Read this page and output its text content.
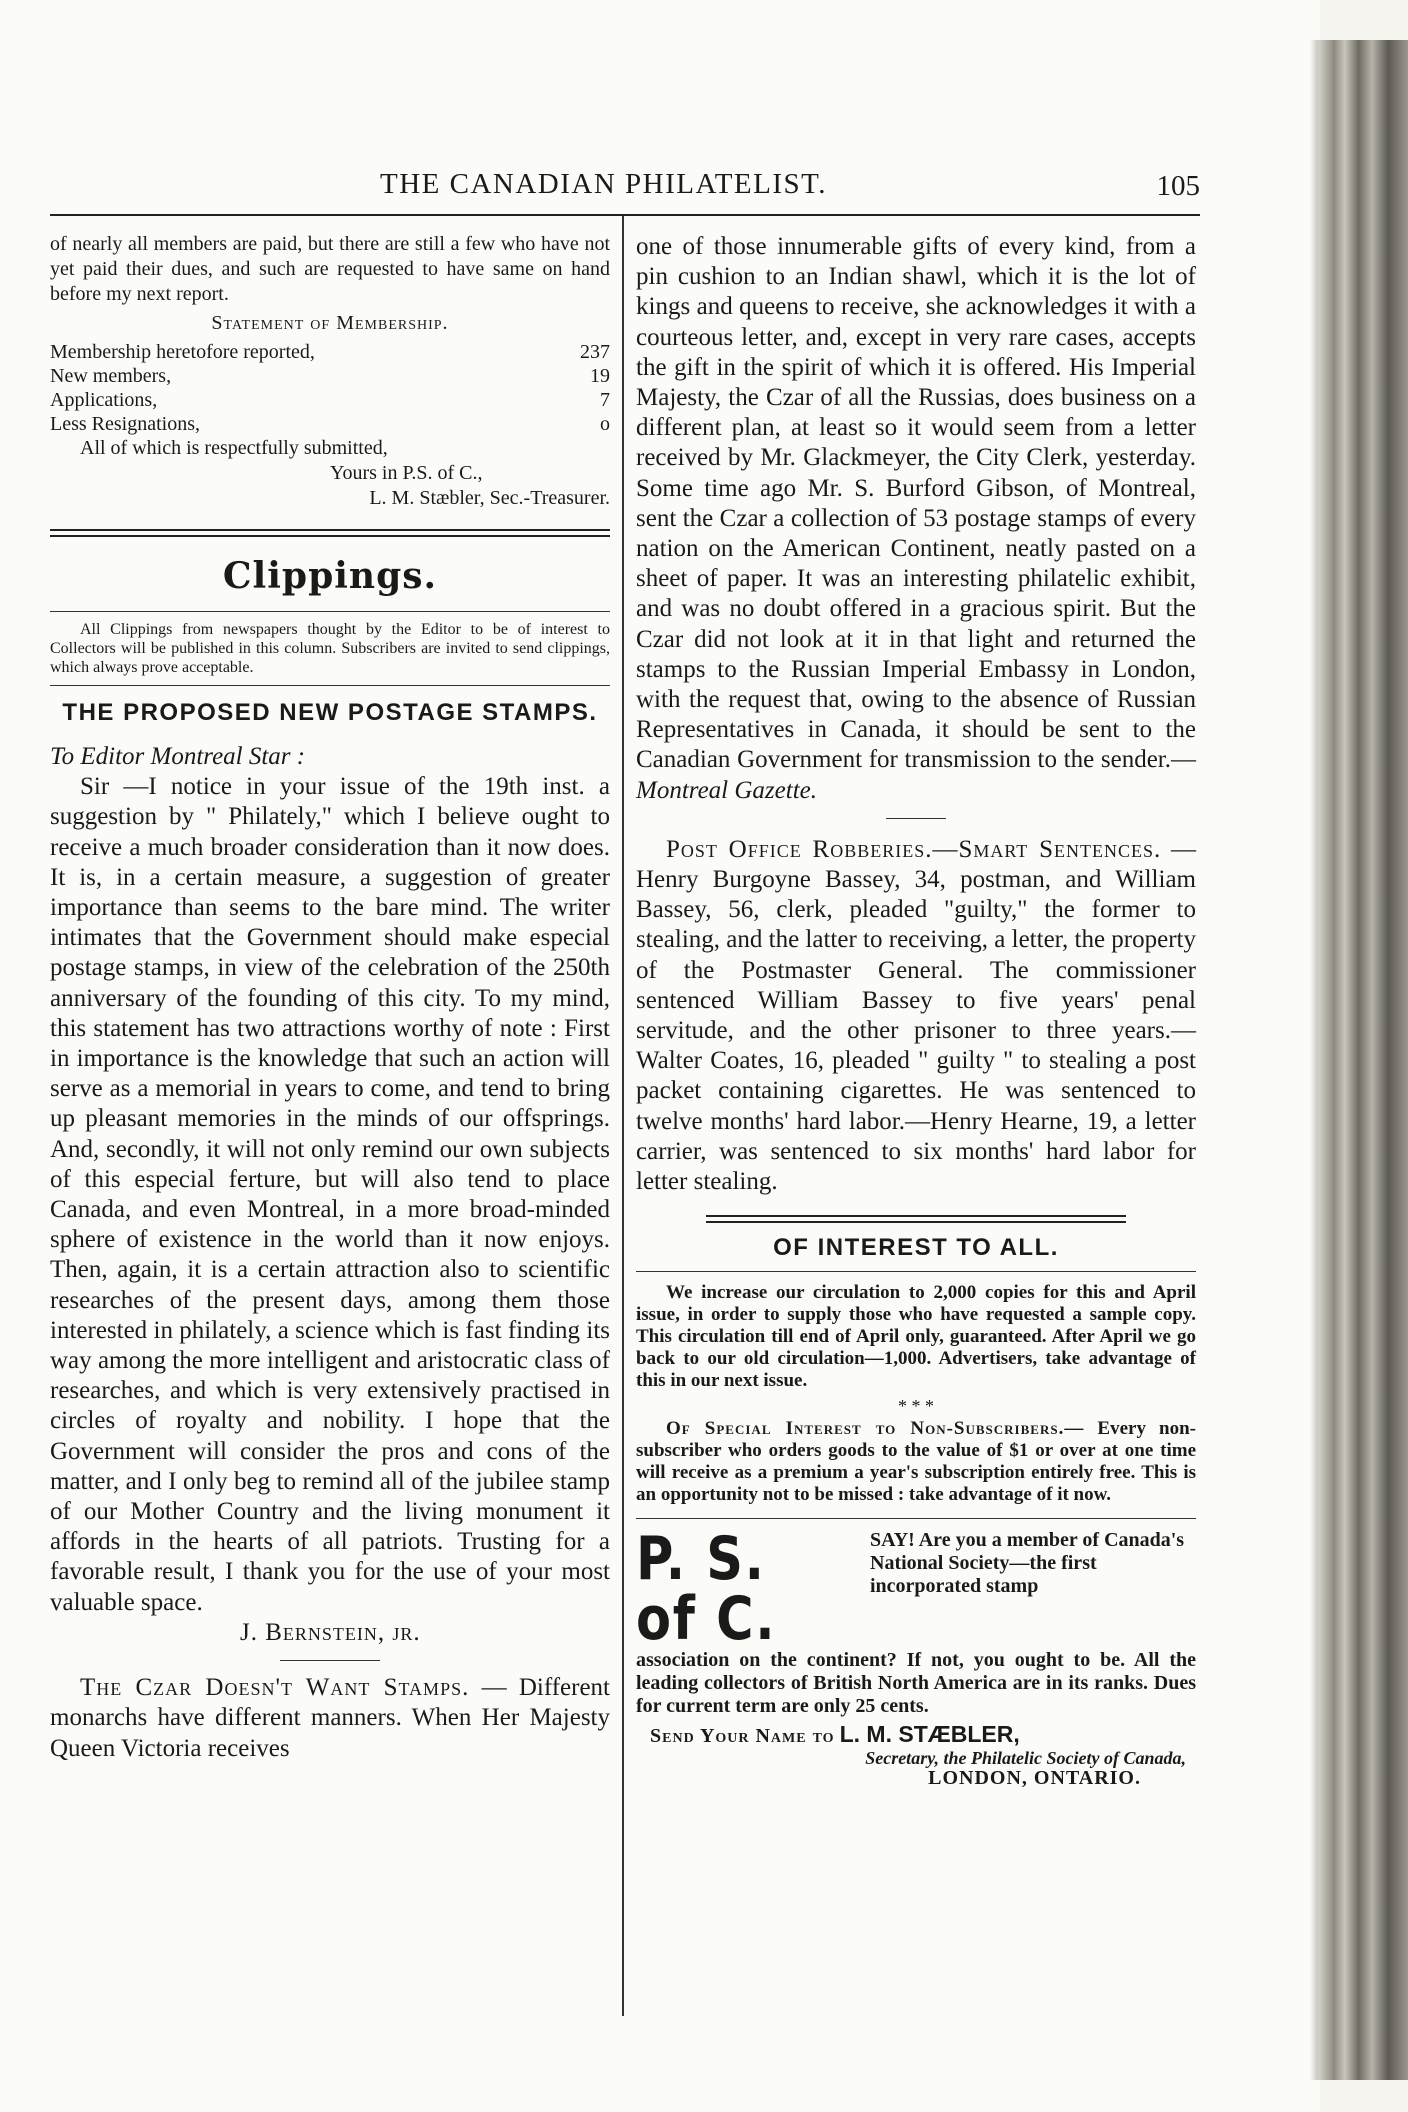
THE CANADIAN PHILATELIST.	105

of nearly all members are paid, but there are still a few who have not yet paid their dues, and such are requested to have same on hand before my next report.

Statement of Membership.
Membership heretofore reported,	237
New members,	19
Applications,	7
Less Resignations,	o
All of which is respectfully submitted,
Yours in P.S. of C.,
L. M. Stæbler, Sec.-Treasurer.
Clippings.

All Clippings from newspapers thought by the Editor to be of interest to Collectors will be published in this column. Subscribers are invited to send clippings, which always prove acceptable.

THE PROPOSED NEW POSTAGE STAMPS.
To Editor Montreal Star :

Sir —I notice in your issue of the 19th inst. a suggestion by " Philately," which I believe ought to receive a much broader consideration than it now does. It is, in a certain measure, a suggestion of greater importance than seems to the bare mind. The writer intimates that the Government should make especial postage stamps, in view of the celebration of the 250th anniversary of the founding of this city. To my mind, this statement has two attractions worthy of note : First in importance is the knowledge that such an action will serve as a memorial in years to come, and tend to bring up pleasant memories in the minds of our offsprings. And, secondly, it will not only remind our own subjects of this especial ferture, but will also tend to place Canada, and even Montreal, in a more broad-minded sphere of existence in the world than it now enjoys. Then, again, it is a certain attraction also to scientific researches of the present days, among them those interested in philately, a science which is fast finding its way among the more intelligent and aristocratic class of researches, and which is very extensively practised in circles of royalty and nobility. I hope that the Government will consider the pros and cons of the matter, and I only beg to remind all of the jubilee stamp of our Mother Country and the living monument it affords in the hearts of all patriots. Trusting for a favorable result, I thank you for the use of your most valuable space.

J. Bernstein, jr.

The Czar Doesn't Want Stamps. — Different monarchs have different manners. When Her Majesty Queen Victoria receives

one of those innumerable gifts of every kind, from a pin cushion to an Indian shawl, which it is the lot of kings and queens to receive, she acknowledges it with a courteous letter, and, except in very rare cases, accepts the gift in the spirit of which it is offered. His Imperial Majesty, the Czar of all the Russias, does business on a different plan, at least so it would seem from a letter received by Mr. Glackmeyer, the City Clerk, yesterday. Some time ago Mr. S. Burford Gibson, of Montreal, sent the Czar a collection of 53 postage stamps of every nation on the American Continent, neatly pasted on a sheet of paper. It was an interesting philatelic exhibit, and was no doubt offered in a gracious spirit. But the Czar did not look at it in that light and returned the stamps to the Russian Imperial Embassy in London, with the request that, owing to the absence of Russian Representatives in Canada, it should be sent to the Canadian Government for transmission to the sender.— Montreal Gazette.

Post Office Robberies.—Smart Sentences. —Henry Burgoyne Bassey, 34, postman, and William Bassey, 56, clerk, pleaded "guilty," the former to stealing, and the latter to receiving, a letter, the property of the Postmaster General. The commissioner sentenced William Bassey to five years' penal servitude, and the other prisoner to three years.—Walter Coates, 16, pleaded " guilty " to stealing a post packet containing cigarettes. He was sentenced to twelve months' hard labor.—Henry Hearne, 19, a letter carrier, was sentenced to six months' hard labor for letter stealing.

OF INTEREST TO ALL.

We increase our circulation to 2,000 copies for this and April issue, in order to supply those who have requested a sample copy. This circulation till end of April only, guaranteed. After April we go back to our old circulation—1,000. Advertisers, take advantage of this in our next issue.

* * *

Of Special Interest to Non-Subscribers.— Every non-subscriber who orders goods to the value of $1 or over at one time will receive as a premium a year's subscription entirely free. This is an opportunity not to be missed : take advantage of it now.

P. S. of C.
SAY! Are you a member of Canada's National Society—the first incorporated stamp

association on the continent? If not, you ought to be. All the leading collectors of British North America are in its ranks. Dues for current term are only 25 cents.

Send Your Name to L. M. STÆBLER,
Secretary, the Philatelic Society of Canada,
LONDON, ONTARIO.
